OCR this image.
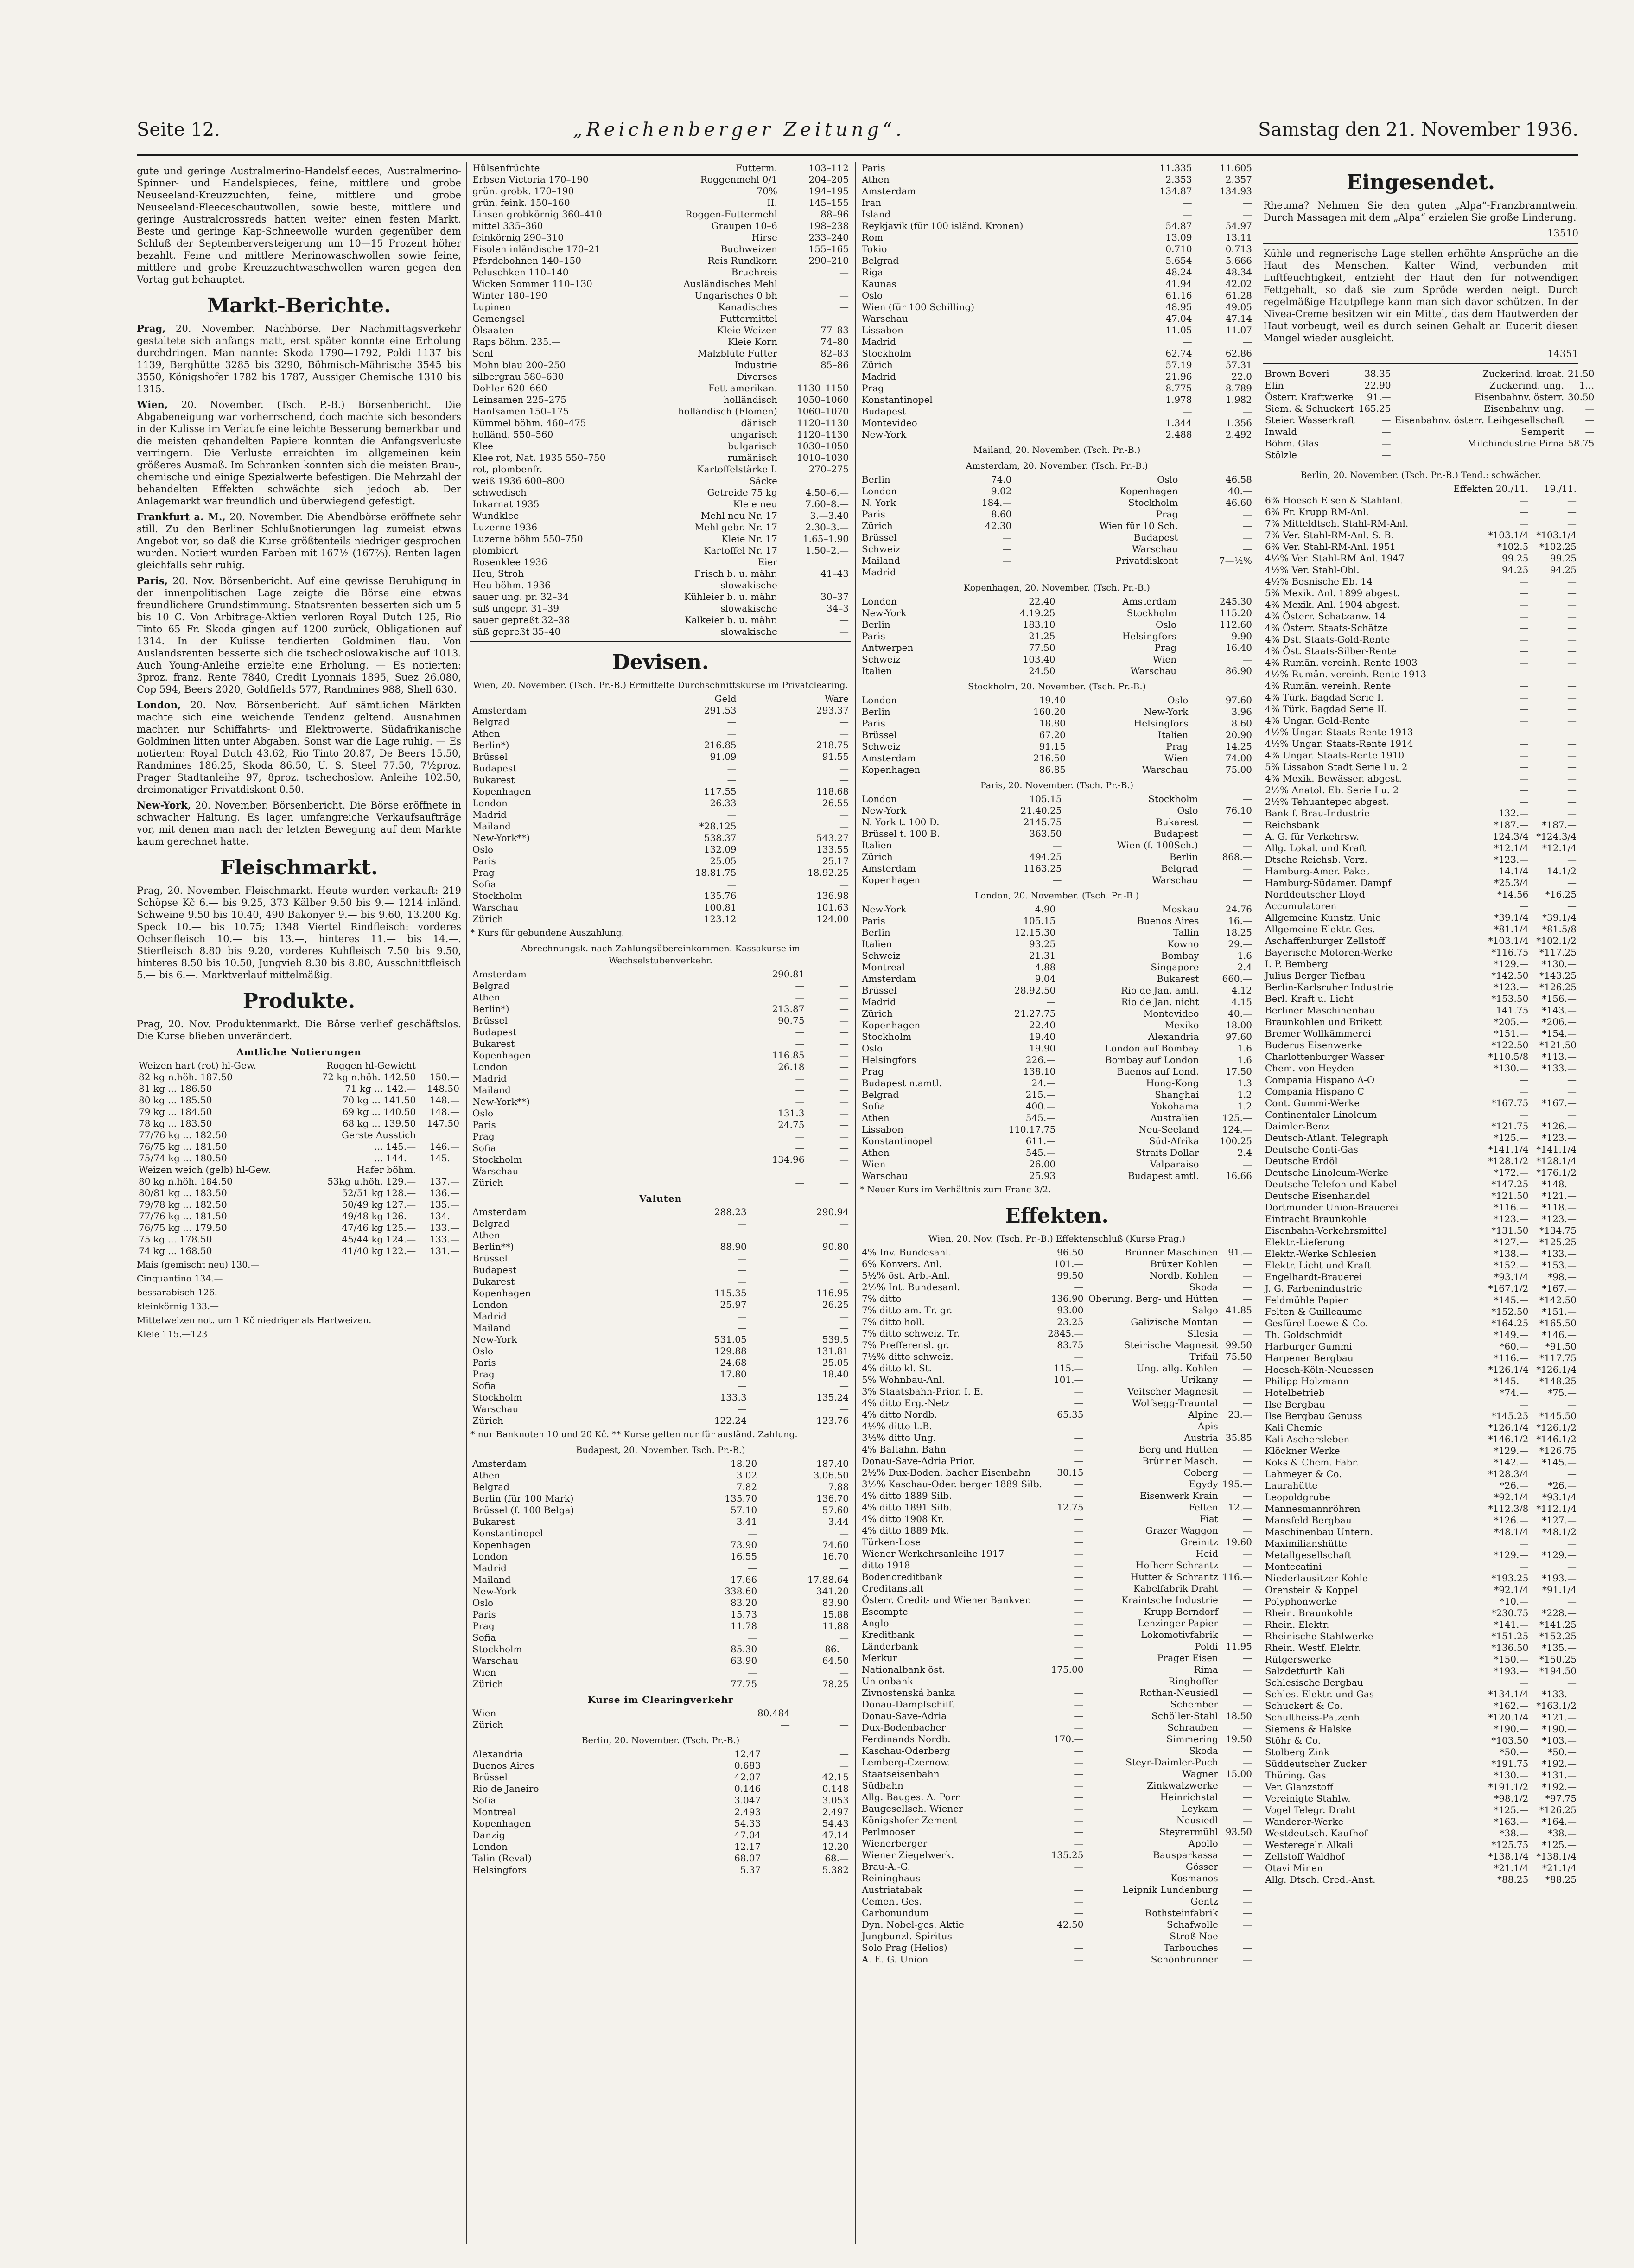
Seite 12.	„Reichenberger Zeitung“.	Samstag den 21. November 1936.
gute und geringe Australmerino-Handelsfleeces, Australmerino-Spinner- und Handelspieces, feine, mittlere und grobe Neuseeland-Kreuzzuchten, feine, mittlere und grobe Neuseeland-Fleeceschautwollen, sowie beste, mittlere und geringe Australcrossreds hatten weiter einen festen Markt. Beste und geringe Kap-Schneewolle wurden gegenüber dem Schluß der Septemberversteigerung um 10—15 Prozent höher bezahlt. Feine und mittlere Merinowaschwollen sowie feine, mittlere und grobe Kreuzzuchtwaschwollen waren gegen den Vortag gut behauptet.
Markt-Berichte.
Prag, 20. November. Nachbörse. Der Nachmittagsverkehr gestaltete sich anfangs matt, erst später konnte eine Erholung durchdringen. Man nannte: Skoda 1790—1792, Poldi 1137 bis 1139, Berghütte 3285 bis 3290, Böhmisch-Mährische 3545 bis 3550, Königshofer 1782 bis 1787, Aussiger Chemische 1310 bis 1315.
Wien, 20. November. (Tsch. P.-B.) Börsenbericht. Die Abgabeneigung war vorherrschend, doch machte sich besonders in der Kulisse im Verlaufe eine leichte Besserung bemerkbar und die meisten gehandelten Papiere konnten die Anfangsverluste verringern. Die Verluste erreichten im allgemeinen kein größeres Ausmaß. Im Schranken konnten sich die meisten Brau-, chemische und einige Spezialwerte befestigen. Die Mehrzahl der behandelten Effekten schwächte sich jedoch ab. Der Anlagemarkt war freundlich und überwiegend gefestigt.
Frankfurt a. M., 20. November. Die Abendbörse eröffnete sehr still. Zu den Berliner Schlußnotierungen lag zumeist etwas Angebot vor, so daß die Kurse größtenteils niedriger gesprochen wurden. Notiert wurden Farben mit 167½ (167⅞). Renten lagen gleichfalls sehr ruhig.
Paris, 20. Nov. Börsenbericht. Auf eine gewisse Beruhigung in der innenpolitischen Lage zeigte die Börse eine etwas freundlichere Grundstimmung. Staatsrenten besserten sich um 5 bis 10 C. Von Arbitrage-Aktien verloren Royal Dutch 125, Rio Tinto 65 Fr. Skoda gingen auf 1200 zurück, Obligationen auf 1314. In der Kulisse tendierten Goldminen flau. Von Auslandsrenten besserte sich die tschechoslowakische auf 1013. Auch Young-Anleihe erzielte eine Erholung. — Es notierten: 3proz. franz. Rente 7840, Credit Lyonnais 1895, Suez 26.080, Cop 594, Beers 2020, Goldfields 577, Randmines 988, Shell 630.
London, 20. Nov. Börsenbericht. Auf sämtlichen Märkten machte sich eine weichende Tendenz geltend. Ausnahmen machten nur Schiffahrts- und Elektrowerte. Südafrikanische Goldminen litten unter Abgaben. Sonst war die Lage ruhig. — Es notierten: Royal Dutch 43.62, Rio Tinto 20.87, De Beers 15.50, Randmines 186.25, Skoda 86.50, U. S. Steel 77.50, 7½proz. Prager Stadtanleihe 97, 8proz. tschechoslow. Anleihe 102.50, dreimonatiger Privatdiskont 0.50.
New-York, 20. November. Börsenbericht. Die Börse eröffnete in schwacher Haltung. Es lagen umfangreiche Verkaufsaufträge vor, mit denen man nach der letzten Bewegung auf dem Markte kaum gerechnet hatte.
Fleischmarkt.
Prag, 20. November. Fleischmarkt. Heute wurden verkauft: 219 Schöpse Kč 6.— bis 9.25, 373 Kälber 9.50 bis 9.— 1214 inländ. Schweine 9.50 bis 10.40, 490 Bakonyer 9.— bis 9.60, 13.200 Kg. Speck 10.— bis 10.75; 1348 Viertel Rindfleisch: vorderes Ochsenfleisch 10.— bis 13.—, hinteres 11.— bis 14.—. Stierfleisch 8.80 bis 9.20, vorderes Kuhfleisch 7.50 bis 9.50, hinteres 8.50 bis 10.50, Jungvieh 8.30 bis 8.80, Ausschnittfleisch 5.— bis 6.—. Marktverlauf mittelmäßig.
Produkte.
Prag, 20. Nov. Produktenmarkt. Die Börse verlief geschäftslos. Die Kurse blieben unverändert.
Amtliche Notierungen
Weizen hart (rot) hl-Gew.	Roggen hl-Gewicht	
82 kg n.höh. 187.50	72 kg n.höh. 142.50	150.—
81 kg ... 186.50	71 kg ... 142.—	148.50
80 kg ... 185.50	70 kg ... 141.50	148.—
79 kg ... 184.50	69 kg ... 140.50	148.—
78 kg ... 183.50	68 kg ... 139.50	147.50
77/76 kg ... 182.50	Gerste Ausstich	
76/75 kg ... 181.50	... 145.—	146.—
75/74 kg ... 180.50	... 144.—	145.—
Weizen weich (gelb) hl-Gew.	Hafer böhm.	
80 kg n.höh. 184.50	53kg u.höh. 129.—	137.—
80/81 kg ... 183.50	52/51 kg 128.—	136.—
79/78 kg ... 182.50	50/49 kg 127.—	135.—
77/76 kg ... 181.50	49/48 kg 126.—	134.—
76/75 kg ... 179.50	47/46 kg 125.—	133.—
75 kg ... 178.50	45/44 kg 124.—	133.—
74 kg ... 168.50	41/40 kg 122.—	131.—
Mais (gemischt neu) 130.—
Cinquantino 134.—
bessarabisch 126.—
kleinkörnig 133.—
Mittelweizen not. um 1 Kč niedriger als Hartweizen.
Kleie 115.—123
Hülsenfrüchte	Futterm.	103–112
Erbsen Victoria 170–190	Roggenmehl 0/1	204–205
grün. grobk. 170–190	70%	194–195
grün. feink. 150–160	II.	145–155
Linsen grobkörnig 360–410	Roggen-Futtermehl	88–96
mittel 335–360	Graupen 10–6	198–238
feinkörnig 290–310	Hirse	233–240
Fisolen inländische 170–21	Buchweizen	155–165
Pferdebohnen 140–150	Reis Rundkorn	290–210
Peluschken 110–140	Bruchreis	—
Wicken Sommer 110–130	Ausländisches Mehl	
Winter 180–190	Ungarisches 0 bh	—
Lupinen	Kanadisches	—
Gemengsel	Futtermittel	
Ölsaaten	Kleie Weizen	77–83
Raps böhm. 235.—	Kleie Korn	74–80
Senf	Malzblüte Futter	82–83
Mohn blau 200–250	Industrie	85–86
silbergrau 580–630	Diverses	
Dohler 620–660	Fett amerikan.	1130–1150
Leinsamen 225–275	holländisch	1050–1060
Hanfsamen 150–175	holländisch (Flomen)	1060–1070
Kümmel böhm. 460–475	dänisch	1120–1130
holländ. 550–560	ungarisch	1120–1130
Klee	bulgarisch	1030–1050
Klee rot, Nat. 1935 550–750	rumänisch	1010–1030
rot, plombenfr.	Kartoffelstärke I.	270–275
weiß 1936 600–800	Säcke	
schwedisch	Getreide 75 kg	4.50–6.—
Inkarnat 1935	Kleie neu	7.60–8.—
Wundklee	Mehl neu Nr. 17	3.—3.40
Luzerne 1936	Mehl gebr. Nr. 17	2.30–3.—
Luzerne böhm 550–750	Kleie Nr. 17	1.65–1.90
plombiert	Kartoffel Nr. 17	1.50–2.—
Rosenklee 1936	Eier	
Heu, Stroh	Frisch b. u. mähr.	41–43
Heu böhm. 1936	slowakische	—
sauer ung. pr. 32–34	Kühleier b. u. mähr.	30–37
süß ungepr. 31–39	slowakische	34–3
sauer gepreßt 32–38	Kalkeier b. u. mähr.	—
süß gepreßt 35–40	slowakische	—
Devisen.
Wien, 20. November. (Tsch. Pr.-B.) Ermittelte Durchschnittskurse im Privatclearing.
	Geld	Ware
Amsterdam	291.53	293.37
Belgrad	—	—
Athen	—	—
Berlin*)	216.85	218.75
Brüssel	91.09	91.55
Budapest	—	—
Bukarest	—	—
Kopenhagen	117.55	118.68
London	26.33	26.55
Madrid	—	—
Mailand	*28.125	—
New-York**)	538.37	543.27
Oslo	132.09	133.55
Paris	25.05	25.17
Prag	18.81.75	18.92.25
Sofia	—	—
Stockholm	135.76	136.98
Warschau	100.81	101.63
Zürich	123.12	124.00
* Kurs für gebundene Auszahlung.
Abrechnungsk. nach Zahlungsübereinkommen. Kassakurse im Wechselstubenverkehr.
Amsterdam	290.81	—
Belgrad	—	—
Athen	—	—
Berlin*)	213.87	—
Brüssel	90.75	—
Budapest	—	—
Bukarest	—	—
Kopenhagen	116.85	—
London	26.18	—
Madrid	—	—
Mailand	—	—
New-York**)	—	—
Oslo	131.3	—
Paris	24.75	—
Prag	—	—
Sofia	—	—
Stockholm	134.96	—
Warschau	—	—
Zürich	—	—
Valuten
Amsterdam	288.23	290.94
Belgrad	—	—
Athen	—	—
Berlin**)	88.90	90.80
Brüssel	—	—
Budapest	—	—
Bukarest	—	—
Kopenhagen	115.35	116.95
London	25.97	26.25
Madrid	—	—
Mailand	—	—
New-York	531.05	539.5
Oslo	129.88	131.81
Paris	24.68	25.05
Prag	17.80	18.40
Sofia	—	—
Stockholm	133.3	135.24
Warschau	—	—
Zürich	122.24	123.76
* nur Banknoten 10 und 20 Kč. ** Kurse gelten nur für ausländ. Zahlung.
Budapest, 20. November. Tsch. Pr.-B.)
Amsterdam	18.20	187.40
Athen	3.02	3.06.50
Belgrad	7.82	7.88
Berlin (für 100 Mark)	135.70	136.70
Brüssel (f. 100 Belga)	57.10	57.60
Bukarest	3.41	3.44
Konstantinopel	—	—
Kopenhagen	73.90	74.60
London	16.55	16.70
Madrid	—	—
Mailand	17.66	17.88.64
New-York	338.60	341.20
Oslo	83.20	83.90
Paris	15.73	15.88
Prag	11.78	11.88
Sofia	—	—
Stockholm	85.30	86.—
Warschau	63.90	64.50
Wien	—	—
Zürich	77.75	78.25
Kurse im Clearingverkehr
Wien	80.484	—
Zürich	—	—
Berlin, 20. November. (Tsch. Pr.-B.)
Alexandria	12.47	—
Buenos Aires	0.683	—
Brüssel	42.07	42.15
Rio de Janeiro	0.146	0.148
Sofia	3.047	3.053
Montreal	2.493	2.497
Kopenhagen	54.33	54.43
Danzig	47.04	47.14
London	12.17	12.20
Talin (Reval)	68.07	68.—
Helsingfors	5.37	5.382
Paris	11.335	11.605
Athen	2.353	2.357
Amsterdam	134.87	134.93
Iran	—	—
Island	—	—
Reykjavik (für 100 isländ. Kronen)	54.87	54.97
Rom	13.09	13.11
Tokio	0.710	0.713
Belgrad	5.654	5.666
Riga	48.24	48.34
Kaunas	41.94	42.02
Oslo	61.16	61.28
Wien (für 100 Schilling)	48.95	49.05
Warschau	47.04	47.14
Lissabon	11.05	11.07
Madrid	—	—
Stockholm	62.74	62.86
Zürich	57.19	57.31
Madrid	21.96	22.0
Prag	8.775	8.789
Konstantinopel	1.978	1.982
Budapest	—	—
Montevideo	1.344	1.356
New-York	2.488	2.492
Mailand, 20. November. (Tsch. Pr.-B.)
Amsterdam, 20. November. (Tsch. Pr.-B.)
Berlin	74.0	Oslo	46.58
London	9.02	Kopenhagen	40.—
N. York	184.—	Stockholm	46.60
Paris	8.60	Prag	—
Zürich	42.30	Wien für 10 Sch.	—
Brüssel	—	Budapest	—
Schweiz	—	Warschau	—
Mailand	—	Privatdiskont	7—½%
Madrid	—		
Kopenhagen, 20. November. (Tsch. Pr.-B.)
London	22.40	Amsterdam	245.30
New-York	4.19.25	Stockholm	115.20
Berlin	183.10	Oslo	112.60
Paris	21.25	Helsingfors	9.90
Antwerpen	77.50	Prag	16.40
Schweiz	103.40	Wien	—
Italien	24.50	Warschau	86.90
Stockholm, 20. November. (Tsch. Pr.-B.)
London	19.40	Oslo	97.60
Berlin	160.20	New-York	3.96
Paris	18.80	Helsingfors	8.60
Brüssel	67.20	Italien	20.90
Schweiz	91.15	Prag	14.25
Amsterdam	216.50	Wien	74.00
Kopenhagen	86.85	Warschau	75.00
Paris, 20. November. (Tsch. Pr.-B.)
London	105.15	Stockholm	—
New-York	21.40.25	Oslo	76.10
N. York t. 100 D.	2145.75	Bukarest	—
Brüssel t. 100 B.	363.50	Budapest	—
Italien	—	Wien (f. 100Sch.)	—
Zürich	494.25	Berlin	868.—
Amsterdam	1163.25	Belgrad	—
Kopenhagen	—	Warschau	—
London, 20. November. (Tsch. Pr.-B.)
New-York	4.90	Moskau	24.76
Paris	105.15	Buenos Aires	16.—
Berlin	12.15.30	Tallin	18.25
Italien	93.25	Kowno	29.—
Schweiz	21.31	Bombay	1.6
Montreal	4.88	Singapore	2.4
Amsterdam	9.04	Bukarest	660.—
Brüssel	28.92.50	Rio de Jan. amtl.	4.12
Madrid	—	Rio de Jan. nicht	4.15
Zürich	21.27.75	Montevideo	40.—
Kopenhagen	22.40	Mexiko	18.00
Stockholm	19.40	Alexandria	97.60
Oslo	19.90	London auf Bombay	1.6
Helsingfors	226.—	Bombay auf London	1.6
Prag	138.10	Buenos auf Lond.	17.50
Budapest n.amtl.	24.—	Hong-Kong	1.3
Belgrad	215.—	Shanghai	1.2
Sofia	400.—	Yokohama	1.2
Athen	545.—	Australien	125.—
Lissabon	110.17.75	Neu-Seeland	124.—
Konstantinopel	611.—	Süd-Afrika	100.25
Athen	545.—	Straits Dollar	2.4
Wien	26.00	Valparaiso	—
Warschau	25.93	Budapest amtl.	16.66
* Neuer Kurs im Verhältnis zum Franc 3/2.
Effekten.
Wien, 20. Nov. (Tsch. Pr.-B.) Effektenschluß (Kurse Prag.)
4% Inv. Bundesanl.	96.50	Brünner Maschinen	91.—
6% Konvers. Anl.	101.—	Brüxer Kohlen	—
5½% öst. Arb.-Anl.	99.50	Nordb. Kohlen	—
2½% Int. Bundesanl.	—	Skoda	—
7% ditto	136.90	Oberung. Berg- und Hütten	—
7% ditto am. Tr. gr.	93.00	Salgo	41.85
7% ditto holl.	23.25	Galizische Montan	—
7% ditto schweiz. Tr.	2845.—	Silesia	—
7% Prefferensl. gr.	83.75	Steirische Magnesit	99.50
7½% ditto schweiz.	—	Trifail	75.50
4% ditto kl. St.	115.—	Ung. allg. Kohlen	—
5% Wohnbau-Anl.	101.—	Urikany	—
3% Staatsbahn-Prior. I. E.	—	Veitscher Magnesit	—
4% ditto Erg.-Netz	—	Wolfsegg-Trauntal	—
4% ditto Nordb.	65.35	Alpine	23.—
4½% ditto L.B.	—	Apis	—
3½% ditto Ung.	—	Austria	35.85
4% Baltahn. Bahn	—	Berg und Hütten	—
Donau-Save-Adria Prior.	—	Brünner Masch.	—
2½% Dux-Boden. bacher Eisenbahn	30.15	Coberg	—
3½% Kaschau-Oder. berger 1889 Silb.	—	Egydy	195.—
4% ditto 1889 Silb.	—	Eisenwerk Krain	—
4% ditto 1891 Silb.	12.75	Felten	12.—
4% ditto 1908 Kr.	—	Fiat	—
4% ditto 1889 Mk.	—	Grazer Waggon	—
Türken-Lose	—	Greinitz	19.60
Wiener Werkehrsanleihe 1917	—	Heid	—
ditto 1918	—	Hofherr Schrantz	—
Bodencreditbank	—	Hutter & Schrantz	116.—
Creditanstalt	—	Kabelfabrik Draht	—
Österr. Credit- und Wiener Bankver.	—	Kraintsche Industrie	—
Escompte	—	Krupp Berndorf	—
Anglo	—	Lenzinger Papier	—
Kreditbank	—	Lokomotivfabrik	—
Länderbank	—	Poldi	11.95
Merkur	—	Prager Eisen	—
Nationalbank öst.	175.00	Rima	—
Unionbank	—	Ringhoffer	—
Zivnostenská banka	—	Rothan-Neusiedl	—
Donau-Dampfschiff.	—	Schember	—
Donau-Save-Adria	—	Schöller-Stahl	18.50
Dux-Bodenbacher	—	Schrauben	—
Ferdinands Nordb.	170.—	Simmering	19.50
Kaschau-Oderberg	—	Skoda	—
Lemberg-Czernow.	—	Steyr-Daimler-Puch	—
Staatseisenbahn	—	Wagner	15.00
Südbahn	—	Zinkwalzwerke	—
Allg. Bauges. A. Porr	—	Heinrichstal	—
Baugesellsch. Wiener	—	Leykam	—
Königshofer Zement	—	Neusiedl	—
Perlmooser	—	Steyrermühl	93.50
Wienerberger	—	Apollo	—
Wiener Ziegelwerk.	135.25	Bausparkassa	—
Brau-A.-G.	—	Gösser	—
Reininghaus	—	Kosmanos	—
Austriatabak	—	Leipnik Lundenburg	—
Cement Ges.	—	Gentz	—
Carbonundum	—	Rothsteinfabrik	—
Dyn. Nobel-ges. Aktie	42.50	Schafwolle	—
Jungbunzl. Spiritus	—	Stroß Noe	—
Solo Prag (Helios)	—	Tarbouches	—
A. E. G. Union	—	Schönbrunner	—
Eingesendet.
Rheuma? Nehmen Sie den guten „Alpa“-Franzbranntwein. Durch Massagen mit dem „Alpa“ erzielen Sie große Linderung.
13510
Kühle und regnerische Lage stellen erhöhte Ansprüche an die Haut des Menschen. Kalter Wind, verbunden mit Luftfeuchtigkeit, entzieht der Haut den für notwendigen Fettgehalt, so daß sie zum Spröde werden neigt. Durch regelmäßige Hautpflege kann man sich davor schützen. In der Nivea-Creme besitzen wir ein Mittel, das dem Hautwerden der Haut vorbeugt, weil es durch seinen Gehalt an Eucerit diesen Mangel wieder ausgleicht.
14351
Brown Boveri	38.35	Zuckerind. kroat.	21.50
Elin	22.90	Zuckerind. ung.	1…
Österr. Kraftwerke	91.—	Eisenbahnv. österr.	30.50
Siem. & Schuckert	165.25	Eisenbahnv. ung.	—
Steier. Wasserkraft	—	Eisenbahnv. österr. Leihgesellschaft	—
Inwald	—	Semperit	—
Böhm. Glas	—	Milchindustrie Pirna	58.75
Stölzle	—		
Berlin, 20. November. (Tsch. Pr.-B.) Tend.: schwächer.
	Effekten 20./11.	19./11.
6% Hoesch Eisen & Stahlanl.	—	—
6% Fr. Krupp RM-Anl.	—	—
7% Mitteldtsch. Stahl-RM-Anl.	—	—
7% Ver. Stahl-RM-Anl. S. B.	*103.1/4	*103.1/4
6% Ver. Stahl-RM-Anl. 1951	*102.5	*102.25
4½% Ver. Stahl-RM Anl. 1947	99.25	99.25
4½% Ver. Stahl-Obl.	94.25	94.25
4½% Bosnische Eb. 14	—	—
5% Mexik. Anl. 1899 abgest.	—	—
4% Mexik. Anl. 1904 abgest.	—	—
4% Österr. Schatzanw. 14	—	—
4% Österr. Staats-Schätze	—	—
4% Dst. Staats-Gold-Rente	—	—
4% Öst. Staats-Silber-Rente	—	—
4% Rumän. vereinh. Rente 1903	—	—
4½% Rumän. vereinh. Rente 1913	—	—
4% Rumän. vereinh. Rente	—	—
4% Türk. Bagdad Serie I.	—	—
4% Türk. Bagdad Serie II.	—	—
4% Ungar. Gold-Rente	—	—
4½% Ungar. Staats-Rente 1913	—	—
4½% Ungar. Staats-Rente 1914	—	—
4% Ungar. Staats-Rente 1910	—	—
5% Lissabon Stadt Serie I u. 2	—	—
4% Mexik. Bewässer. abgest.	—	—
2½% Anatol. Eb. Serie I u. 2	—	—
2½% Tehuantepec abgest.	—	—
Bank f. Brau-Industrie	132.—	—
Reichsbank	*187.—	*187.—
A. G. für Verkehrsw.	124.3/4	*124.3/4
Allg. Lokal. und Kraft	*12.1/4	*12.1/4
Dtsche Reichsb. Vorz.	*123.—	—
Hamburg-Amer. Paket	14.1/4	14.1/2
Hamburg-Südamer. Dampf	*25.3/4	—
Norddeutscher Lloyd	*14.56	*16.25
Accumulatoren	—	—
Allgemeine Kunstz. Unie	*39.1/4	*39.1/4
Allgemeine Elektr. Ges.	*81.1/4	*81.5/8
Aschaffenburger Zellstoff	*103.1/4	*102.1/2
Bayerische Motoren-Werke	*116.75	*117.25
I. P. Bemberg	*129.—	*130.—
Julius Berger Tiefbau	*142.50	*143.25
Berlin-Karlsruher Industrie	*123.—	*126.25
Berl. Kraft u. Licht	*153.50	*156.—
Berliner Maschinenbau	141.75	*143.—
Braunkohlen und Brikett	*205.—	*206.—
Bremer Wollkämmerei	*151.—	*154.—
Buderus Eisenwerke	*122.50	*121.50
Charlottenburger Wasser	*110.5/8	*113.—
Chem. von Heyden	*130.—	*133.—
Compania Hispano A-O	—	—
Compania Hispano C	—	—
Cont. Gummi-Werke	*167.75	*167.—
Continentaler Linoleum	—	—
Daimler-Benz	*121.75	*126.—
Deutsch-Atlant. Telegraph	*125.—	*123.—
Deutsche Conti-Gas	*141.1/4	*141.1/4
Deutsche Erdöl	*128.1/2	*128.1/4
Deutsche Linoleum-Werke	*172.—	*176.1/2
Deutsche Telefon und Kabel	*147.25	*148.—
Deutsche Eisenhandel	*121.50	*121.—
Dortmunder Union-Brauerei	*116.—	*118.—
Eintracht Braunkohle	*123.—	*123.—
Eisenbahn-Verkehrsmittel	*131.50	*134.75
Elektr.-Lieferung	*127.—	*125.25
Elektr.-Werke Schlesien	*138.—	*133.—
Elektr. Licht und Kraft	*152.—	*153.—
Engelhardt-Brauerei	*93.1/4	*98.—
J. G. Farbenindustrie	*167.1/2	*167.—
Feldmühle Papier	*145.—	*142.50
Felten & Guilleaume	*152.50	*151.—
Gesfürel Loewe & Co.	*164.25	*165.50
Th. Goldschmidt	*149.—	*146.—
Harburger Gummi	*60.—	*91.50
Harpener Bergbau	*116.—	*117.75
Hoesch-Köln-Neuessen	*126.1/4	*126.1/4
Philipp Holzmann	*145.—	*148.25
Hotelbetrieb	*74.—	*75.—
Ilse Bergbau	—	—
Ilse Bergbau Genuss	*145.25	*145.50
Kali Chemie	*126.1/4	*126.1/2
Kali Aschersleben	*146.1/2	*146.1/2
Klöckner Werke	*129.—	*126.75
Koks & Chem. Fabr.	*142.—	*145.—
Lahmeyer & Co.	*128.3/4	—
Laurahütte	*26.—	*26.—
Leopoldgrube	*92.1/4	*93.1/4
Mannesmannröhren	*112.3/8	*112.1/4
Mansfeld Bergbau	*126.—	*127.—
Maschinenbau Untern.	*48.1/4	*48.1/2
Maximilianshütte	—	—
Metallgesellschaft	*129.—	*129.—
Montecatini	—	—
Niederlausitzer Kohle	*193.25	*193.—
Orenstein & Koppel	*92.1/4	*91.1/4
Polyphonwerke	*10.—	—
Rhein. Braunkohle	*230.75	*228.—
Rhein. Elektr.	*141.—	*141.25
Rheinische Stahlwerke	*151.25	*152.25
Rhein. Westf. Elektr.	*136.50	*135.—
Rütgerswerke	*150.—	*150.25
Salzdetfurth Kali	*193.—	*194.50
Schlesische Bergbau	—	—
Schles. Elektr. und Gas	*134.1/4	*133.—
Schuckert & Co.	*162.—	*163.1/2
Schultheiss-Patzenh.	*120.1/4	*121.—
Siemens & Halske	*190.—	*190.—
Stöhr & Co.	*103.50	*103.—
Stolberg Zink	*50.—	*50.—
Süddeutscher Zucker	*191.75	*192.—
Thüring. Gas	*130.—	*131.—
Ver. Glanzstoff	*191.1/2	*192.—
Vereinigte Stahlw.	*98.1/2	*97.75
Vogel Telegr. Draht	*125.—	*126.25
Wanderer-Werke	*163.—	*164.—
Westdeutsch. Kaufhof	*38.—	*38.—
Westeregeln Alkali	*125.75	*125.—
Zellstoff Waldhof	*138.1/4	*138.1/4
Otavi Minen	*21.1/4	*21.1/4
Allg. Dtsch. Cred.-Anst.	*88.25	*88.25
